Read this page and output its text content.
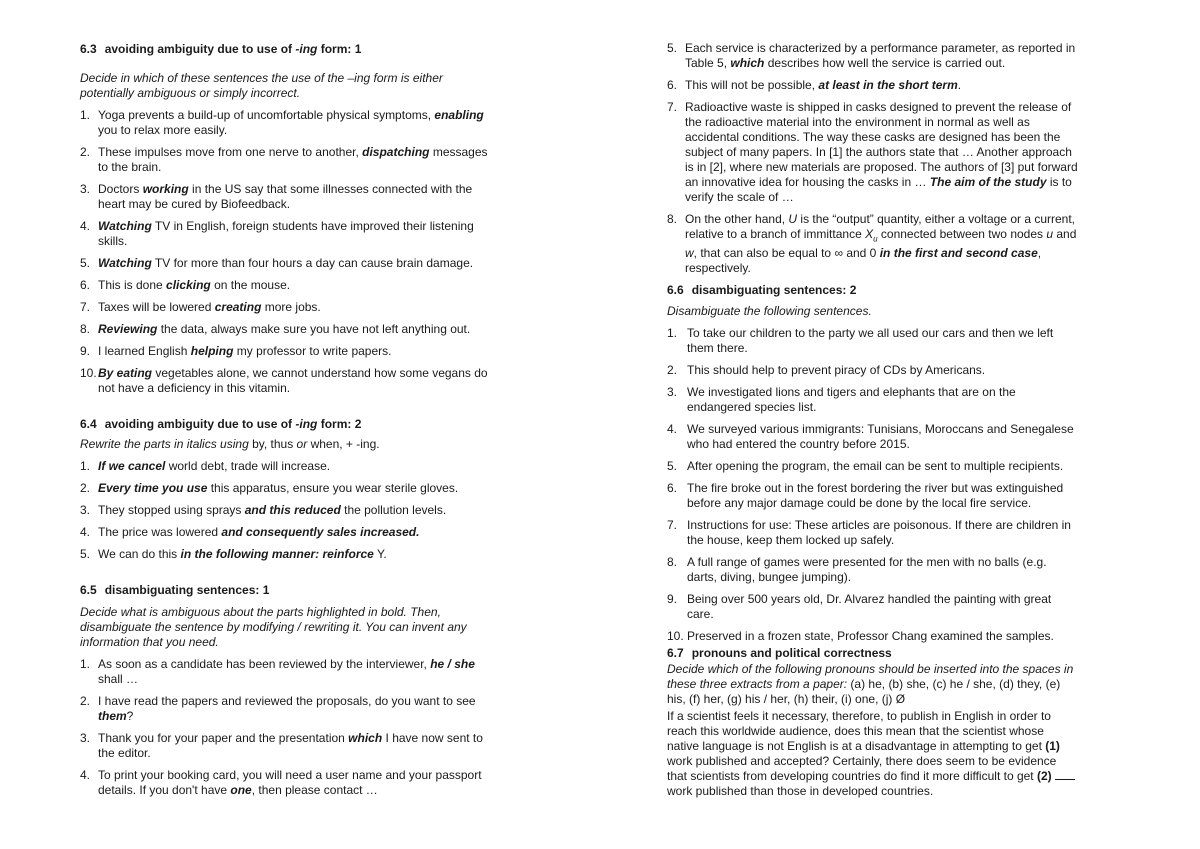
6.3 avoiding ambiguity due to use of -ing form: 1
Decide in which of these sentences the use of the –ing form is either potentially ambiguous or simply incorrect.
1. Yoga prevents a build-up of uncomfortable physical symptoms, enabling you to relax more easily.
2. These impulses move from one nerve to another, dispatching messages to the brain.
3. Doctors working in the US say that some illnesses connected with the heart may be cured by Biofeedback.
4. Watching TV in English, foreign students have improved their listening skills.
5. Watching TV for more than four hours a day can cause brain damage.
6. This is done clicking on the mouse.
7. Taxes will be lowered creating more jobs.
8. Reviewing the data, always make sure you have not left anything out.
9. I learned English helping my professor to write papers.
10. By eating vegetables alone, we cannot understand how some vegans do not have a deficiency in this vitamin.
6.4 avoiding ambiguity due to use of -ing form: 2
Rewrite the parts in italics using by, thus or when, + -ing.
1. If we cancel world debt, trade will increase.
2. Every time you use this apparatus, ensure you wear sterile gloves.
3. They stopped using sprays and this reduced the pollution levels.
4. The price was lowered and consequently sales increased.
5. We can do this in the following manner: reinforce Y.
6.5 disambiguating sentences: 1
Decide what is ambiguous about the parts highlighted in bold. Then, disambiguate the sentence by modifying / rewriting it. You can invent any information that you need.
1. As soon as a candidate has been reviewed by the interviewer, he / she shall …
2. I have read the papers and reviewed the proposals, do you want to see them?
3. Thank you for your paper and the presentation which I have now sent to the editor.
4. To print your booking card, you will need a user name and your passport details. If you don't have one, then please contact …
5. Each service is characterized by a performance parameter, as reported in Table 5, which describes how well the service is carried out.
6. This will not be possible, at least in the short term.
7. Radioactive waste is shipped in casks designed to prevent the release of the radioactive material into the environment in normal as well as accidental conditions. The way these casks are designed has been the subject of many papers. In [1] the authors state that … Another approach is in [2], where new materials are proposed. The authors of [3] put forward an innovative idea for housing the casks in … The aim of the study is to verify the scale of …
8. On the other hand, U is the “output” quantity, either a voltage or a current, relative to a branch of immittance $X_u$ connected between two nodes u and w, that can also be equal to ∞ and 0 in the first and second case, respectively.
6.6 disambiguating sentences: 2
Disambiguate the following sentences.
1. To take our children to the party we all used our cars and then we left them there.
2. This should help to prevent piracy of CDs by Americans.
3. We investigated lions and tigers and elephants that are on the endangered species list.
4. We surveyed various immigrants: Tunisians, Moroccans and Senegalese who had entered the country before 2015.
5. After opening the program, the email can be sent to multiple recipients.
6. The fire broke out in the forest bordering the river but was extinguished before any major damage could be done by the local fire service.
7. Instructions for use: These articles are poisonous. If there are children in the house, keep them locked up safely.
8. A full range of games were presented for the men with no balls (e.g. darts, diving, bungee jumping).
9. Being over 500 years old, Dr. Alvarez handled the painting with great care.
10. Preserved in a frozen state, Professor Chang examined the samples.
6.7 pronouns and political correctness
Decide which of the following pronouns should be inserted into the spaces in these three extracts from a paper: (a) he, (b) she, (c) he / she, (d) they, (e) his, (f) her, (g) his / her, (h) their, (i) one, (j) Ø
If a scientist feels it necessary, therefore, to publish in English in order to reach this worldwide audience, does this mean that the scientist whose native language is not English is at a disadvantage in attempting to get (1) work published and accepted? Certainly, there does seem to be evidence that scientists from developing countries do find it more difficult to get (2)  work published than those in developed countries.
